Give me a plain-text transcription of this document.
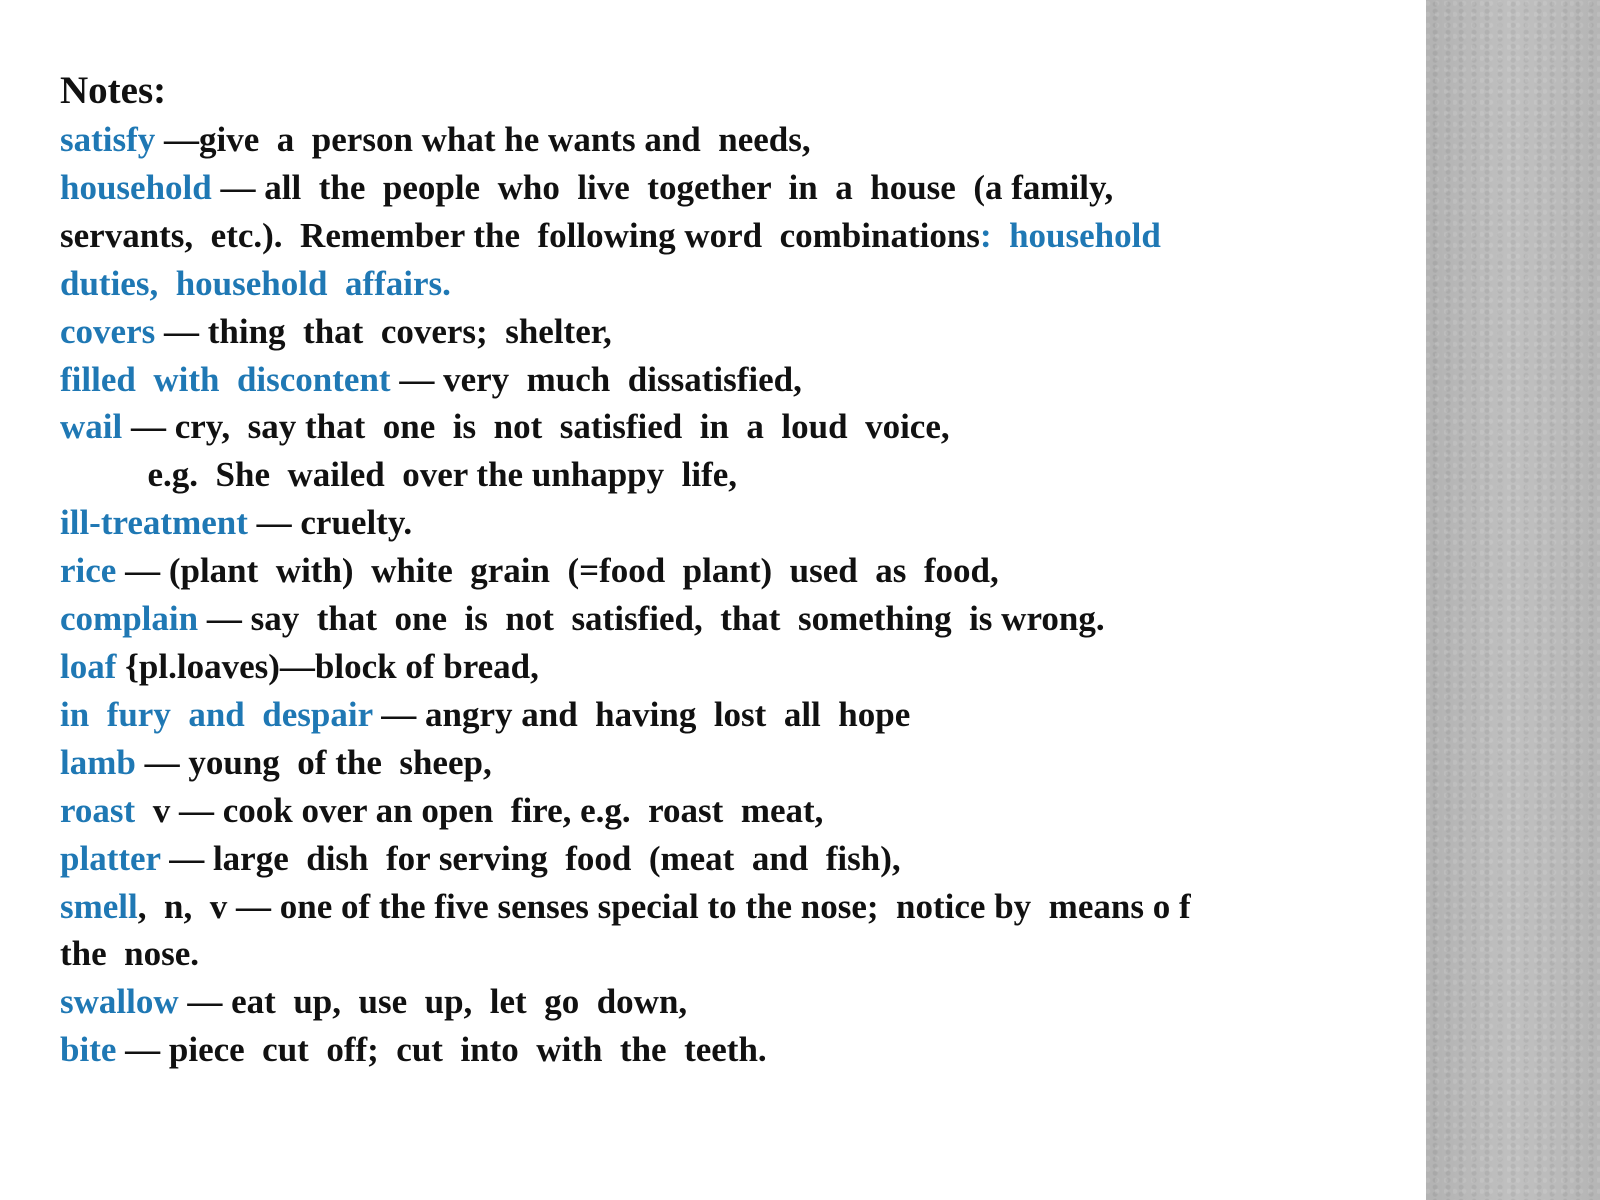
Notes:

satisfy —give  a  person what he wants and  needs,

household — all  the  people  who  live  together  in  a  house  (a family,

servants,  etc.).  Remember the  following word  combinations:  household

duties,  household  affairs.

covers — thing  that  covers;  shelter,

filled  with  discontent — very  much  dissatisfied,

wail — cry,  say that  one  is  not  satisfied  in  a  loud  voice,

e.g.  She  wailed  over the unhappy  life,

ill-treatment — cruelty.

rice — (plant  with)  white  grain  (=food  plant)  used  as  food,

complain — say  that  one  is  not  satisfied,  that  something  is wrong.

loaf {pl.loaves)—block of bread,

in  fury  and  despair — angry and  having  lost  all  hope

lamb — young  of the  sheep,

roast  v — cook over an open  fire, e.g.  roast  meat,

platter — large  dish  for serving  food  (meat  and  fish),

smell,  n,  v — one of the five senses special to the nose;  notice by  means o f

the  nose.

swallow — eat  up,  use  up,  let  go  down,

bite — piece  cut  off;  cut  into  with  the  teeth.
